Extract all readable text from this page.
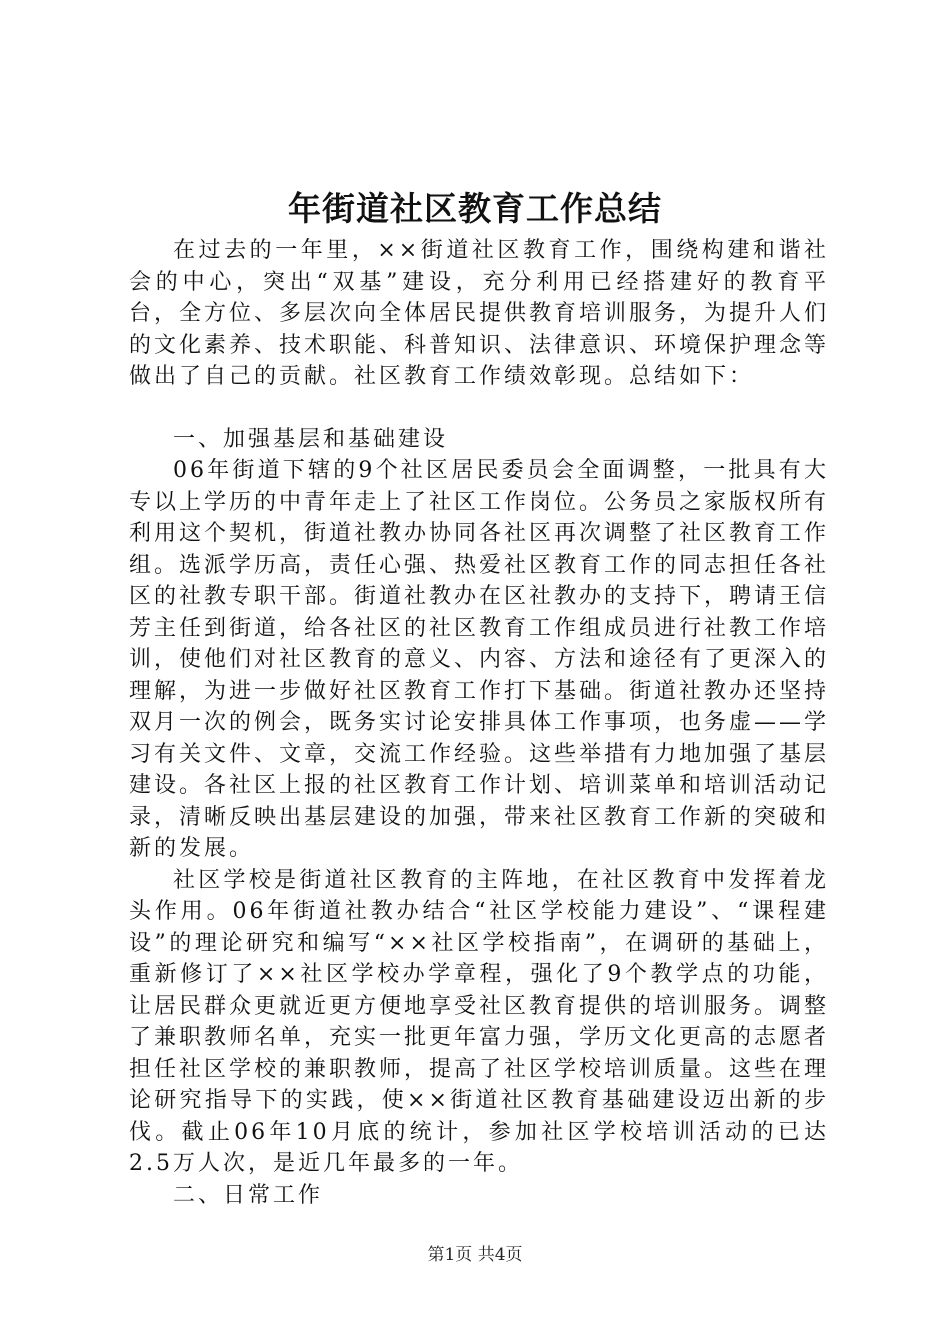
年街道社区教育工作总结

在过去的一年里，××街道社区教育工作，围绕构建和谐社会的中心，突出“双基”建设，充分利用已经搭建好的教育平台，全方位、多层次向全体居民提供教育培训服务，为提升人们的文化素养、技术职能、科普知识、法律意识、环境保护理念等做出了自己的贡献。社区教育工作绩效彰现。总结如下：

一、加强基层和基础建设

06年街道下辖的9个社区居民委员会全面调整，一批具有大专以上学历的中青年走上了社区工作岗位。公务员之家版权所有利用这个契机，街道社教办协同各社区再次调整了社区教育工作组。选派学历高，责任心强、热爱社区教育工作的同志担任各社区的社教专职干部。街道社教办在区社教办的支持下，聘请王信芳主任到街道，给各社区的社区教育工作组成员进行社教工作培训，使他们对社区教育的意义、内容、方法和途径有了更深入的理解，为进一步做好社区教育工作打下基础。街道社教办还坚持双月一次的例会，既务实讨论安排具体工作事项，也务虚——学习有关文件、文章，交流工作经验。这些举措有力地加强了基层建设。各社区上报的社区教育工作计划、培训菜单和培训活动记录，清晰反映出基层建设的加强，带来社区教育工作新的突破和新的发展。

社区学校是街道社区教育的主阵地，在社区教育中发挥着龙头作用。06年街道社教办结合“社区学校能力建设”、“课程建设”的理论研究和编写“××社区学校指南”，在调研的基础上，重新修订了××社区学校办学章程，强化了9个教学点的功能，让居民群众更就近更方便地享受社区教育提供的培训服务。调整了兼职教师名单，充实一批更年富力强，学历文化更高的志愿者担任社区学校的兼职教师，提高了社区学校培训质量。这些在理论研究指导下的实践，使××街道社区教育基础建设迈出新的步伐。截止06年10月底的统计，参加社区学校培训活动的已达2.5万人次，是近几年最多的一年。

二、日常工作

第1页 共4页
